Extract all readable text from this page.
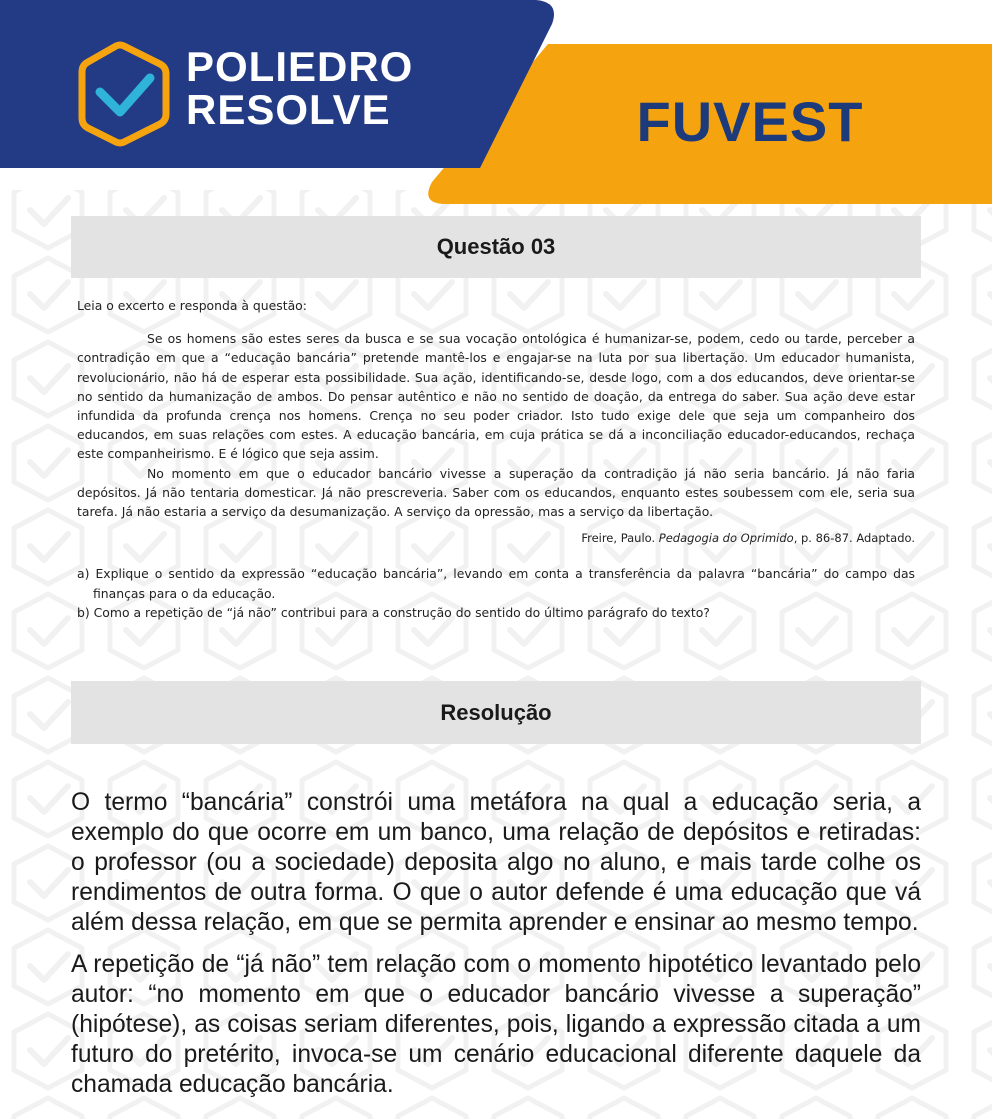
POLIEDRO
RESOLVE	FUVEST
Questão 03

Leia o excerto e responda à questão:

Se os homens são estes seres da busca e se sua vocação ontológica é humanizar-se, podem, cedo ou tarde, perceber a contradição em que a “educação bancária” pretende mantê-los e engajar-se na luta por sua libertação. Um educador humanista, revolucionário, não há de esperar esta possibilidade. Sua ação, identificando-se, desde logo, com a dos educandos, deve orientar-se no sentido da humanização de ambos. Do pensar autêntico e não no sentido de doação, da entrega do saber. Sua ação deve estar infundida da profunda crença nos homens. Crença no seu poder criador. Isto tudo exige dele que seja um companheiro dos educandos, em suas relações com estes. A educação bancária, em cuja prática se dá a inconciliação educador-educandos, rechaça este companheirismo. E é lógico que seja assim.

No momento em que o educador bancário vivesse a superação da contradição já não seria bancário. Já não faria depósitos. Já não tentaria domesticar. Já não prescreveria. Saber com os educandos, enquanto estes soubessem com ele, seria sua tarefa. Já não estaria a serviço da desumanização. A serviço da opressão, mas a serviço da libertação.

Freire, Paulo. Pedagogia do Oprimido, p. 86-87. Adaptado.

a) Explique o sentido da expressão “educação bancária”, levando em conta a transferência da palavra “bancária” do campo das finanças para o da educação.

b) Como a repetição de “já não” contribui para a construção do sentido do último parágrafo do texto?

Resolução

O termo “bancária” constrói uma metáfora na qual a educação seria, a exemplo do que ocorre em um banco, uma relação de depósitos e retiradas: o professor (ou a sociedade) deposita algo no aluno, e mais tarde colhe os rendimentos de outra forma. O que o autor defende é uma educação que vá além dessa relação, em que se permita aprender e ensinar ao mesmo tempo.

A repetição de “já não” tem relação com o momento hipotético levantado pelo autor: “no momento em que o educador bancário vivesse a superação” (hipótese), as coisas seriam diferentes, pois, ligando a expressão citada a um futuro do pretérito, invoca-se um cenário educacional diferente daquele da chamada educação bancária.
